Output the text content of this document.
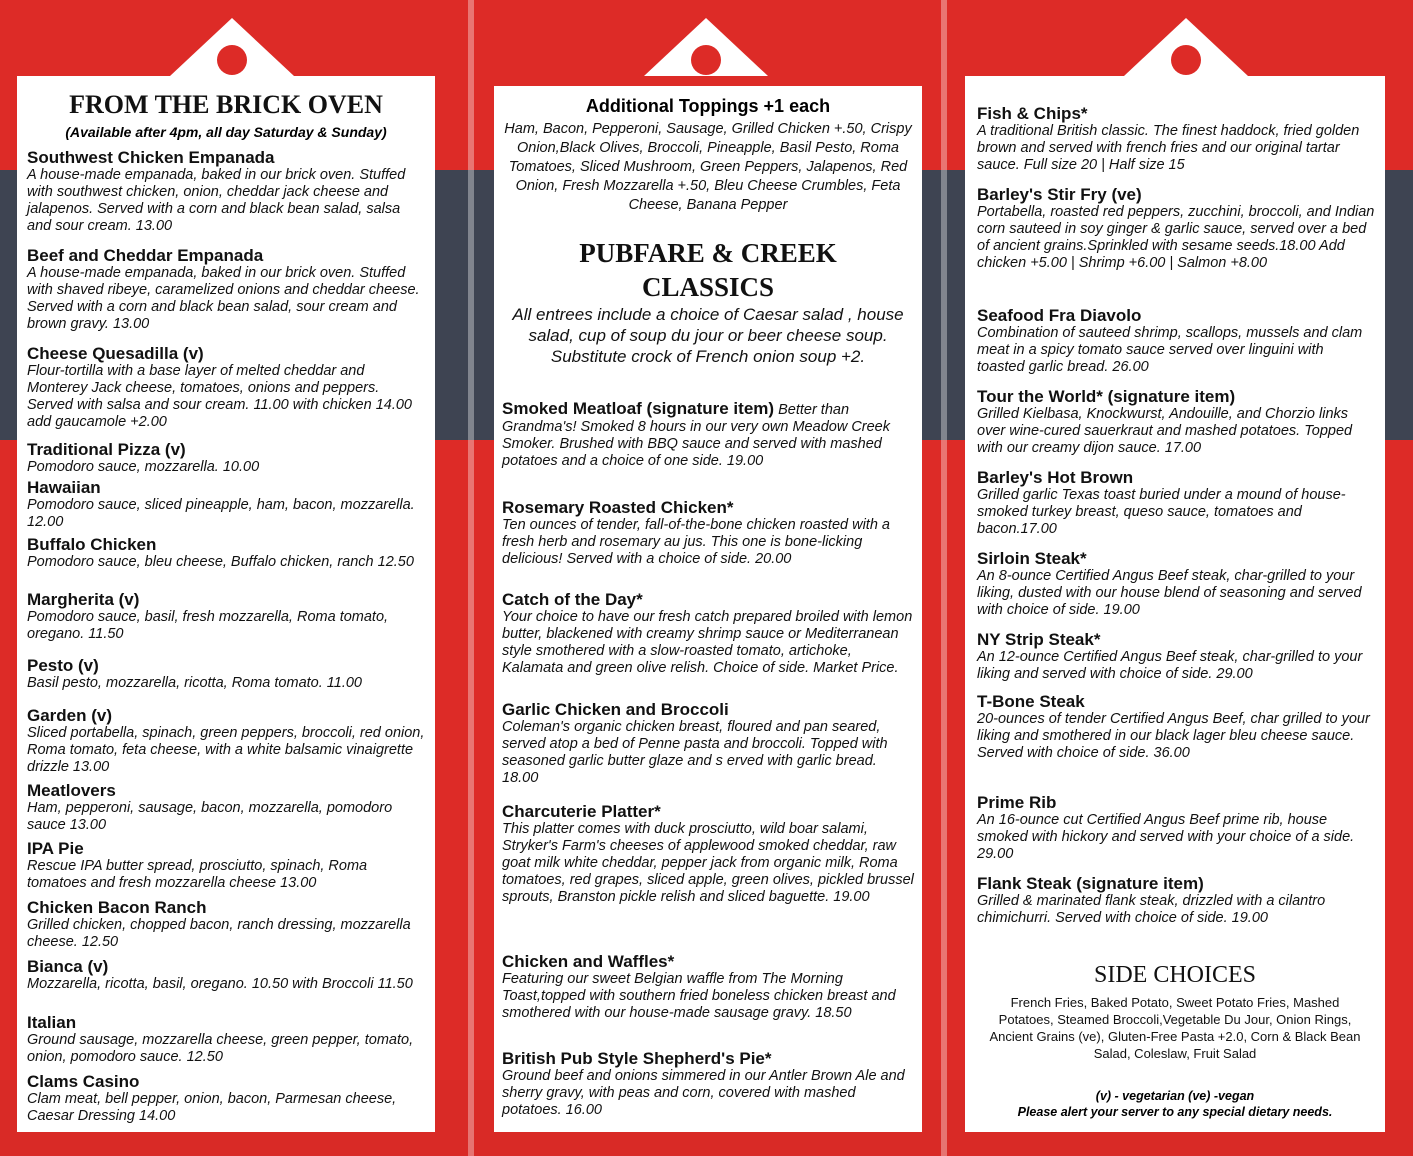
FROM THE BRICK OVEN
(Available after 4pm, all day Saturday & Sunday)
Southwest Chicken Empanada
A house-made empanada, baked in our brick oven. Stuffed with southwest chicken, onion, cheddar jack cheese and jalapenos. Served with a corn and black bean salad, salsa and sour cream. 13.00
Beef and Cheddar Empanada
A house-made empanada, baked in our brick oven. Stuffed with shaved ribeye, caramelized onions and cheddar cheese. Served with a corn and black bean salad, sour cream and brown gravy. 13.00
Cheese Quesadilla (v)
Flour-tortilla with a base layer of melted cheddar and Monterey Jack cheese, tomatoes, onions and peppers. Served with salsa and sour cream. 11.00 with chicken 14.00 add gaucamole +2.00
Traditional Pizza (v)
Pomodoro sauce, mozzarella. 10.00
Hawaiian
Pomodoro sauce, sliced pineapple, ham, bacon, mozzarella. 12.00
Buffalo Chicken
Pomodoro sauce, bleu cheese, Buffalo chicken, ranch 12.50
Margherita (v)
Pomodoro sauce, basil, fresh mozzarella, Roma tomato, oregano. 11.50
Pesto (v)
Basil pesto, mozzarella, ricotta, Roma tomato. 11.00
Garden (v)
Sliced portabella, spinach, green peppers, broccoli, red onion, Roma tomato, feta cheese, with a white balsamic vinaigrette drizzle 13.00
Meatlovers
Ham, pepperoni, sausage, bacon, mozzarella, pomodoro sauce 13.00
IPA Pie
Rescue IPA butter spread, prosciutto, spinach, Roma tomatoes and fresh mozzarella cheese 13.00
Chicken Bacon Ranch
Grilled chicken, chopped bacon, ranch dressing, mozzarella cheese. 12.50
Bianca (v)
Mozzarella, ricotta, basil, oregano. 10.50 with Broccoli 11.50
Italian
Ground sausage, mozzarella cheese, green pepper, tomato, onion, pomodoro sauce. 12.50
Clams Casino
Clam meat, bell pepper, onion, bacon, Parmesan cheese, Caesar Dressing 14.00
Additional Toppings +1 each
Ham, Bacon, Pepperoni, Sausage, Grilled Chicken +.50, Crispy Onion,Black Olives, Broccoli, Pineapple, Basil Pesto, Roma Tomatoes, Sliced Mushroom, Green Peppers, Jalapenos, Red Onion, Fresh Mozzarella +.50, Bleu Cheese Crumbles, Feta Cheese, Banana Pepper
PUBFARE & CREEK
CLASSICS
All entrees include a choice of Caesar salad , house salad, cup of soup du jour or beer cheese soup. Substitute crock of French onion soup +2.
Smoked Meatloaf (signature item) Better than Grandma's! Smoked 8 hours in our very own Meadow Creek Smoker. Brushed with BBQ sauce and served with mashed potatoes and a choice of one side. 19.00
Rosemary Roasted Chicken*
Ten ounces of tender, fall-of-the-bone chicken roasted with a fresh herb and rosemary au jus. This one is bone-licking delicious! Served with a choice of side. 20.00
Catch of the Day*
Your choice to have our fresh catch prepared broiled with lemon butter, blackened with creamy shrimp sauce or Mediterranean style smothered with a slow-roasted tomato, artichoke, Kalamata and green olive relish. Choice of side. Market Price.
Garlic Chicken and Broccoli
Coleman's organic chicken breast, floured and pan seared, served atop a bed of Penne pasta and broccoli. Topped with seasoned garlic butter glaze and s erved with garlic bread. 18.00
Charcuterie Platter*
This platter comes with duck prosciutto, wild boar salami, Stryker's Farm's cheeses of applewood smoked cheddar, raw goat milk white cheddar, pepper jack from organic milk, Roma tomatoes, red grapes, sliced apple, green olives, pickled brussel sprouts, Branston pickle relish and sliced baguette. 19.00
Chicken and Waffles*
Featuring our sweet Belgian waffle from The Morning Toast,topped with southern fried boneless chicken breast and smothered with our house-made sausage gravy. 18.50
British Pub Style Shepherd's Pie*
Ground beef and onions simmered in our Antler Brown Ale and sherry gravy, with peas and corn, covered with mashed potatoes. 16.00
Fish & Chips*
A traditional British classic. The finest haddock, fried golden brown and served with french fries and our original tartar sauce. Full size 20 | Half size 15
Barley's Stir Fry (ve)
Portabella, roasted red peppers, zucchini, broccoli, and Indian corn sauteed in soy ginger & garlic sauce, served over a bed of ancient grains.Sprinkled with sesame seeds.18.00 Add chicken +5.00 | Shrimp +6.00 | Salmon +8.00
Seafood Fra Diavolo
Combination of sauteed shrimp, scallops, mussels and clam meat in a spicy tomato sauce served over linguini with toasted garlic bread. 26.00
Tour the World* (signature item)
Grilled Kielbasa, Knockwurst, Andouille, and Chorzio links over wine-cured sauerkraut and mashed potatoes. Topped with our creamy dijon sauce. 17.00
Barley's Hot Brown
Grilled garlic Texas toast buried under a mound of house-smoked turkey breast, queso sauce, tomatoes and bacon.17.00
Sirloin Steak*
An 8-ounce Certified Angus Beef steak, char-grilled to your liking, dusted with our house blend of seasoning and served with choice of side. 19.00
NY Strip Steak*
An 12-ounce Certified Angus Beef steak, char-grilled to your liking and served with choice of side. 29.00
T-Bone Steak
20-ounces of tender Certified Angus Beef, char grilled to your liking and smothered in our black lager bleu cheese sauce. Served with choice of side. 36.00
Prime Rib
An 16-ounce cut Certified Angus Beef prime rib, house smoked with hickory and served with your choice of a side. 29.00
Flank Steak (signature item)
Grilled & marinated flank steak, drizzled with a cilantro chimichurri. Served with choice of side. 19.00
SIDE CHOICES
French Fries, Baked Potato, Sweet Potato Fries, Mashed Potatoes, Steamed Broccoli,Vegetable Du Jour, Onion Rings, Ancient Grains (ve), Gluten-Free Pasta +2.0, Corn & Black Bean Salad, Coleslaw, Fruit Salad
(v) - vegetarian (ve) -vegan
Please alert your server to any special dietary needs.
